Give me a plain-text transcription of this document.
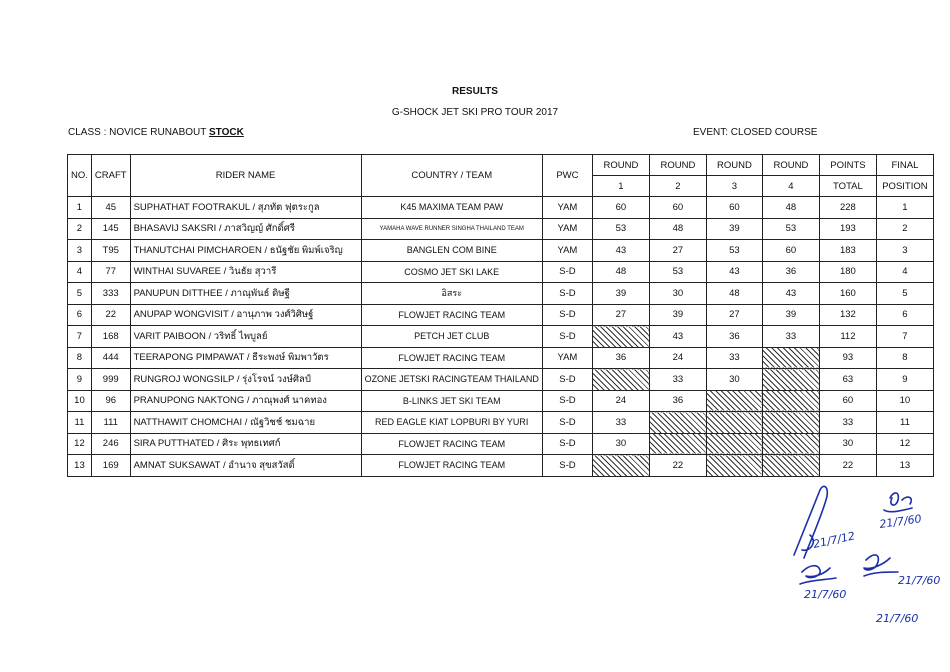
RESULTS
G-SHOCK JET SKI PRO TOUR 2017
CLASS : NOVICE RUNABOUT STOCK	EVENT: CLOSED COURSE
NO.	CRAFT	RIDER NAME	COUNTRY / TEAM	PWC	ROUND	ROUND	ROUND	ROUND	POINTS	FINAL
					1	2	3	4	TOTAL	POSITION
1	45	SUPHATHAT FOOTRAKUL / สุภทัต ฟุตระกูล	K45 MAXIMA TEAM PAW	YAM	60	60	60	48	228	1
2	145	BHASAVIJ SAKSRI / ภาสวิญญ์ ศักดิ์ศรี	YAMAHA WAVE RUNNER SINGHA THAILAND TEAM	YAM	53	48	39	53	193	2
3	T95	THANUTCHAI PIMCHAROEN / ธนัฐชัย พิมพ์เจริญ	BANGLEN COM BINE	YAM	43	27	53	60	183	3
4	77	WINTHAI SUVAREE / วินธัย สุวารี	COSMO JET SKI LAKE	S-D	48	53	43	36	180	4
5	333	PANUPUN DITTHEE / ภาณุพันธ์ ดิษฐี	อิสระ	S-D	39	30	48	43	160	5
6	22	ANUPAP WONGVISIT / อานุภาพ วงศ์วิศิษฐ์	FLOWJET RACING TEAM	S-D	27	39	27	39	132	6
7	168	VARIT PAIBOON / วริทธิ์ ไพบูลย์	PETCH JET CLUB	S-D		43	36	33	112	7
8	444	TEERAPONG PIMPAWAT / ธีระพงษ์ พิมพาวัตร	FLOWJET RACING TEAM	YAM	36	24	33		93	8
9	999	RUNGROJ WONGSILP / รุ่งโรจน์ วงษ์ศิลป์	OZONE JETSKI RACINGTEAM THAILAND	S-D		33	30		63	9
10	96	PRANUPONG NAKTONG / ภาณุพงศ์ นาคทอง	B-LINKS JET SKI TEAM	S-D	24	36			60	10
11	111	NATTHAWIT CHOMCHAI / ณัฐวิชช์ ชมฉาย	RED EAGLE KIAT LOPBURI BY YURI	S-D	33				33	11
12	246	SIRA PUTTHATED / ศิระ พุทธเทศก์	FLOWJET RACING TEAM	S-D	30				30	12
13	169	AMNAT SUKSAWAT / อำนาจ สุขสวัสดิ์	FLOWJET RACING TEAM	S-D		22			22	13
21/7/12
21/7/60
21/7/60
21/7/60
21/7/60
